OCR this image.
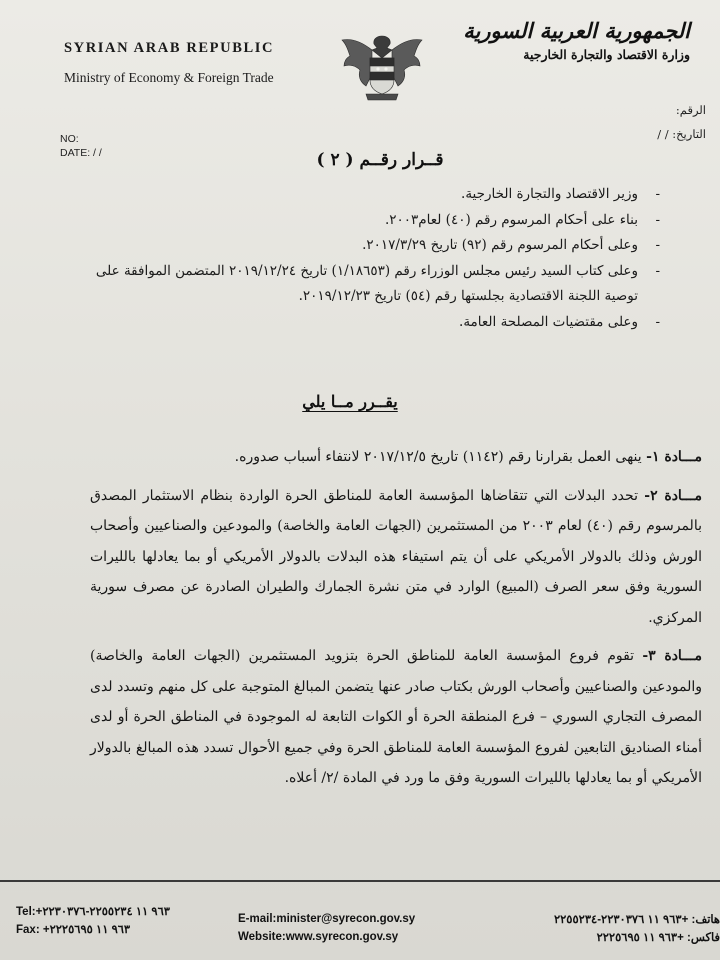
SYRIAN ARAB REPUBLIC
Ministry of Economy & Foreign Trade
الجمهورية العربية السورية
وزارة الاقتصاد والتجارة الخارجية
NO:
DATE: / /
الرقم:
التاريخ: / /
قــرار رقــم ( ٢ )
-
وزير الاقتصاد والتجارة الخارجية.
-
بناء على أحكام المرسوم رقم (٤٠) لعام٢٠٠٣.
-
وعلى أحكام المرسوم رقم (٩٢) تاريخ ٢٠١٧/٣/٢٩.
-
وعلى كتاب السيد رئيس مجلس الوزراء رقم (١/١٨٦٥٣) تاريخ ٢٠١٩/١٢/٢٤ المتضمن الموافقة على توصية اللجنة الاقتصادية بجلستها رقم (٥٤) تاريخ ٢٠١٩/١٢/٢٣.
-
وعلى مقتضيات المصلحة العامة.
يقــرر مــا يلي
مـــادة ١- ينهى العمل بقرارنا رقم (١١٤٢) تاريخ ٢٠١٧/١٢/٥ لانتفاء أسباب صدوره.
مـــادة ٢- تحدد البدلات التي تتقاضاها المؤسسة العامة للمناطق الحرة الواردة بنظام الاستثمار المصدق بالمرسوم رقم (٤٠) لعام ٢٠٠٣ من المستثمرين (الجهات العامة والخاصة) والمودعين والصناعيين وأصحاب الورش وذلك بالدولار الأمريكي على أن يتم استيفاء هذه البدلات بالدولار الأمريكي أو بما يعادلها بالليرات السورية وفق سعر الصرف (المبيع) الوارد في متن نشرة الجمارك والطيران الصادرة عن مصرف سورية المركزي.
مـــادة ٣- تقوم فروع المؤسسة العامة للمناطق الحرة بتزويد المستثمرين (الجهات العامة والخاصة) والمودعين والصناعيين وأصحاب الورش بكتاب صادر عنها يتضمن المبالغ المتوجبة على كل منهم وتسدد لدى المصرف التجاري السوري – فرع المنطقة الحرة أو الكوات التابعة له الموجودة في المناطق الحرة أو لدى أمناء الصناديق التابعين لفروع المؤسسة العامة للمناطق الحرة وفي جميع الأحوال تسدد هذه المبالغ بالدولار الأمريكي أو بما يعادلها بالليرات السورية وفق ما ورد في المادة /٢/ أعلاه.
Tel:+٩٦٣ ١١ ٢٢٥٥٢٣٤-٢٢٣٠٣٧٦
Fax: +٩٦٣ ١١ ٢٢٢٥٦٩٥
E-mail:minister@syrecon.gov.sy
Website:www.syrecon.gov.sy
هاتف: +٩٦٣ ١١ ٢٢٣٠٣٧٦-٢٢٥٥٢٣٤
فاكس: +٩٦٣ ١١ ٢٢٢٥٦٩٥
